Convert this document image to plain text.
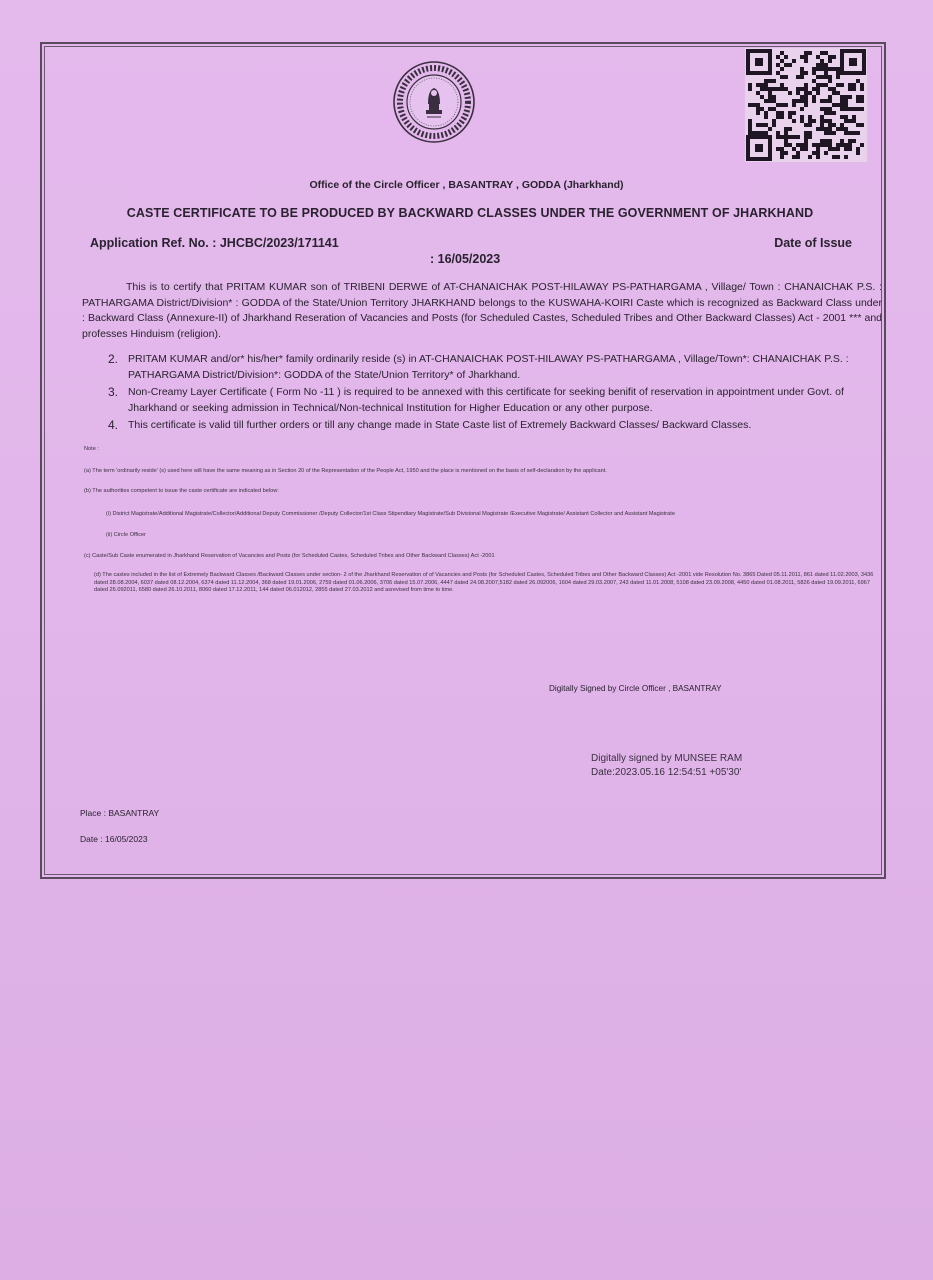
Office of the Circle Officer , BASANTRAY , GODDA (Jharkhand)
CASTE CERTIFICATE TO BE PRODUCED BY BACKWARD CLASSES UNDER THE GOVERNMENT OF JHARKHAND
Application Ref. No. : JHCBC/2023/171141	Date of Issue
: 16/05/2023
This is to certify that PRITAM KUMAR son of TRIBENI DERWE of AT-CHANAICHAK POST-HILAWAY PS-PATHARGAMA , Village/ Town : CHANAICHAK P.S. : PATHARGAMA District/Division* : GODDA of the State/Union Territory JHARKHAND belongs to the KUSWAHA-KOIRI Caste which is recognized as Backward Class under : Backward Class (Annexure-II) of Jharkhand Reseration of Vacancies and Posts (for Scheduled Castes, Scheduled Tribes and Other Backward Classes) Act - 2001 *** and professes Hinduism (religion).
2. PRITAM KUMAR and/or* his/her* family ordinarily reside (s) in AT-CHANAICHAK POST-HILAWAY PS-PATHARGAMA , Village/Town*: CHANAICHAK P.S. : PATHARGAMA District/Division*: GODDA of the State/Union Territory* of Jharkhand.
3. Non-Creamy Layer Certificate ( Form No -11 ) is required to be annexed with this certificate for seeking benifit of reservation in appointment under Govt. of Jharkhand or seeking admission in Technical/Non-technical Institution for Higher Education or any other purpose.
4. This certificate is valid till further orders or till any change made in State Caste list of Extremely Backward Classes/ Backward Classes.

Note :

(a) The term 'ordinarily reside' (s) used here will have the same meaning as in Section 20 of the Representation of the People Act, 1950 and the place is mentioned on the basis of self-declaration by the applicant.

(b) The authorities competent to issue the caste certificate are indicated below:

(i) District Magistrate/Additional Magistrate/Collector/Additional Deputy Commissioner /Deputy Collector/1st Class Stipendiary Magistrate/Sub Divisional Magistrate /Executive Magistrate/ Assistant Collector and Assistant Magistrate

(ii) Circle Officer

(c) Caste/Sub Caste enumerated in Jharkhand Reservation of Vacancies and Posts (for Scheduled Castes, Scheduled Tribes and Other Backward Classes) Act -2001

(d) The castes included in the list of Extremely Backward Classes /Backward Classes under section- 2 of the Jharkhand Reservation of of Vacancies and Posts (for Scheduled Castes, Scheduled Tribes and Other Backward Classes) Act -2001 vide Resolution No. 3865 Dated 05.11.2011, 861 dated 11.02.2003, 3436 dated 28.08.2004, 6037 dated 08.12.2004, 6374 dated 11.12.2004, 368 dated 19.01.2006, 2759 dated 01.06.2006, 3706 dated 15.07.2006, 4447 dated 24.08.2007,5182 dated 26.092006, 1604 dated 29.03.2007, 243 dated 11.01.2008, 5108 dated 23.09.2008, 4450 dated 01.08.2011, 5826 dated 19.09.2011, 6967 dated 26.092011, 6580 dated 26.10.2011, 8060 dated 17.12.2011, 144 dated 06.012012, 2855 dated 27.03.2012 and asrevised from time to time.

Digitally Signed by Circle Officer , BASANTRAY
Digitally signed by MUNSEE RAM
Date:2023.05.16 12:54:51 +05'30'
Place : BASANTRAY
Date : 16/05/2023
